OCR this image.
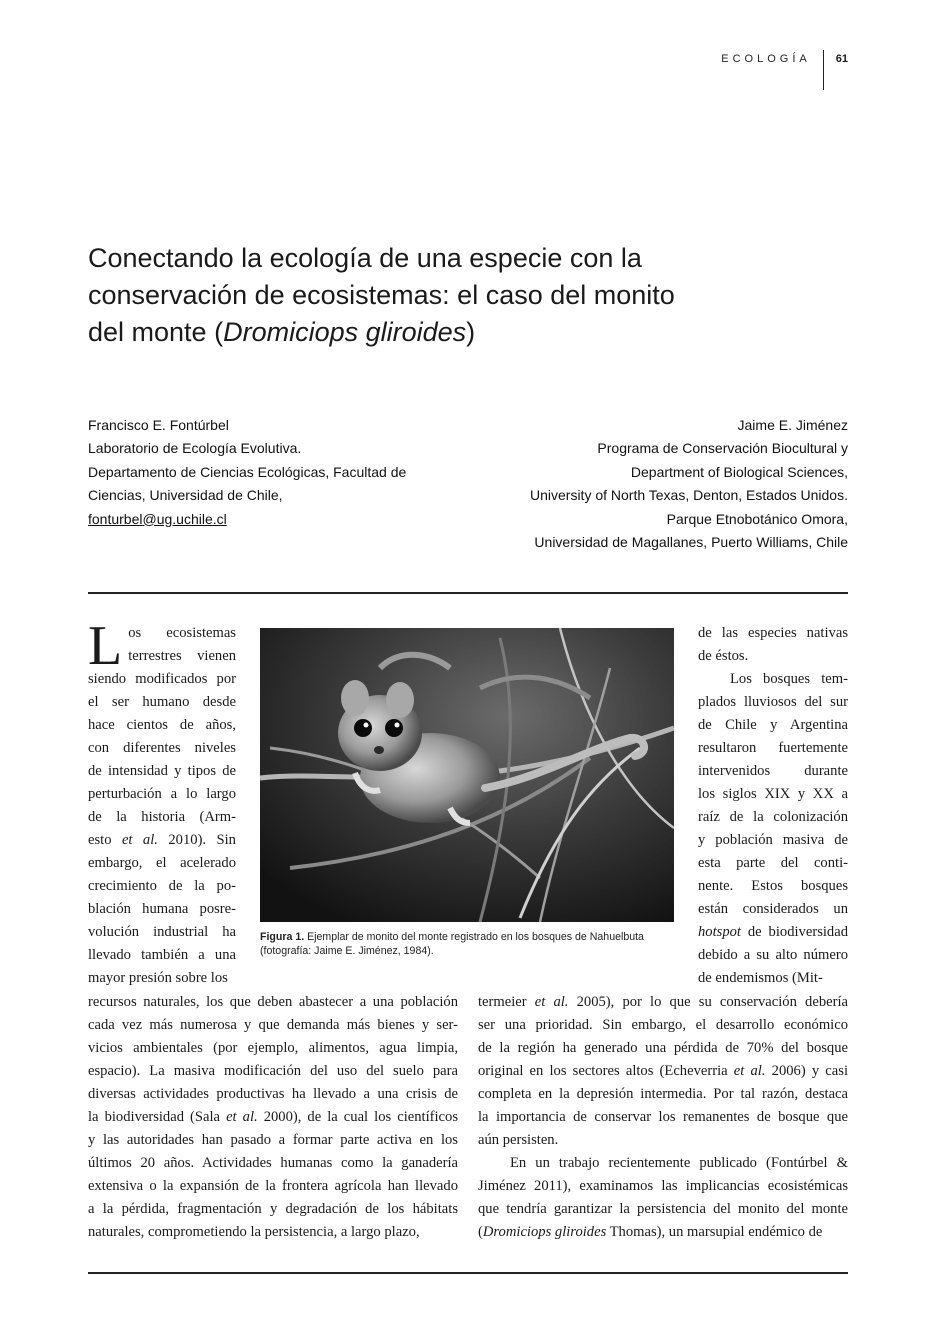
ECOLOGÍA	61
Conectando la ecología de una especie con la
conservación de ecosistemas: el caso del monito
del monte (Dromiciops gliroides)
Francisco E. Fontúrbel
Laboratorio de Ecología Evolutiva.
Departamento de Ciencias Ecológicas, Facultad de
Ciencias, Universidad de Chile,
fonturbel@ug.uchile.cl
Jaime E. Jiménez
Programa de Conservación Biocultural y
Department of Biological Sciences,
University of North Texas, Denton, Estados Unidos.
Parque Etnobotánico Omora,
Universidad de Magallanes, Puerto Williams, Chile
L os ecosistemas
terrestres vienen
siendo modificados por
el ser humano desde
hace cientos de años,
con diferentes niveles
de intensidad y tipos de
perturbación a lo largo
de la historia (Arm-
esto et al. 2010). Sin
embargo, el acelerado
crecimiento de la po-
blación humana posre-
volución industrial ha
llevado también a una
mayor presión sobre los
Figura 1. Ejemplar de monito del monte registrado en los bosques de Nahuelbuta
(fotografía: Jaime E. Jiménez, 1984).
de las especies nativas
de éstos.
Los bosques tem-
plados lluviosos del sur
de Chile y Argentina
resultaron fuertemente
intervenidos durante
los siglos XIX y XX a
raíz de la colonización
y población masiva de
esta parte del conti-
nente. Estos bosques
están considerados un
hotspot de biodiversidad
debido a su alto número
de endemismos (Mit-
recursos naturales, los que deben abastecer a una población
cada vez más numerosa y que demanda más bienes y ser-
vicios ambientales (por ejemplo, alimentos, agua limpia,
espacio). La masiva modificación del uso del suelo para
diversas actividades productivas ha llevado a una crisis de
la biodiversidad (Sala et al. 2000), de la cual los científicos
y las autoridades han pasado a formar parte activa en los
últimos 20 años. Actividades humanas como la ganadería
extensiva o la expansión de la frontera agrícola han llevado
a la pérdida, fragmentación y degradación de los hábitats
naturales, comprometiendo la persistencia, a largo plazo,
termeier et al. 2005), por lo que su conservación debería
ser una prioridad. Sin embargo, el desarrollo económico
de la región ha generado una pérdida de 70% del bosque
original en los sectores altos (Echeverria et al. 2006) y casi
completa en la depresión intermedia. Por tal razón, destaca
la importancia de conservar los remanentes de bosque que
aún persisten.
En un trabajo recientemente publicado (Fontúrbel &
Jiménez 2011), examinamos las implicancias ecosistémicas
que tendría garantizar la persistencia del monito del monte
(Dromiciops gliroides Thomas), un marsupial endémico de
